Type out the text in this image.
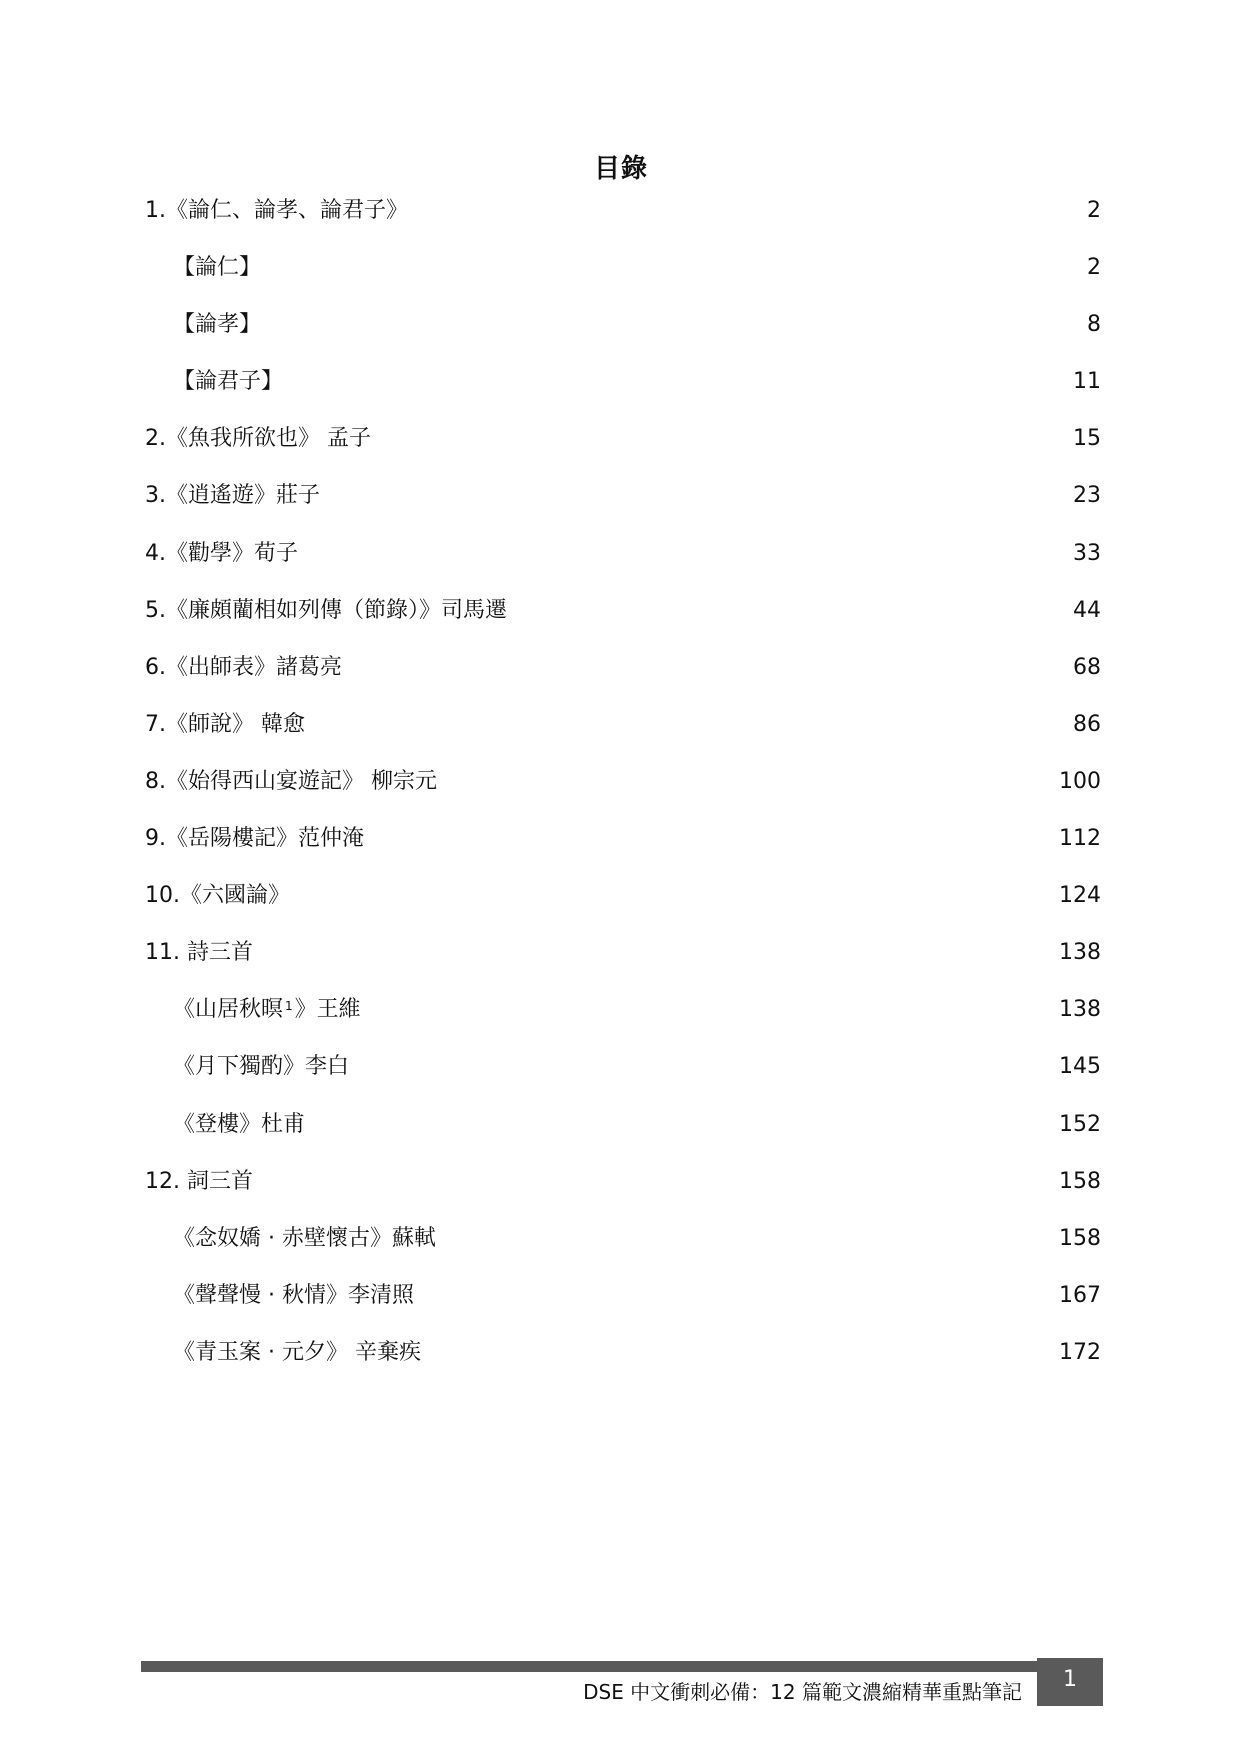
目錄
1.《論仁、論孝、論君子》	2
【論仁】	2
【論孝】	8
【論君子】	11
2.《魚我所欲也》 孟子	15
3.《逍遙遊》莊子	23
4.《勸學》荀子	33
5.《廉頗藺相如列傳（節錄）》司馬遷	44
6.《出師表》諸葛亮	68
7.《師說》 韓愈	86
8.《始得西山宴遊記》 柳宗元	100
9.《岳陽樓記》范仲淹	112
10.《六國論》	124
11. 詩三首	138
《山居秋暝 $^1$》王維	138
《月下獨酌》李白	145
《登樓》杜甫	152
12. 詞三首	158
《念奴嬌 · 赤壁懷古》蘇軾	158
《聲聲慢 · 秋情》李清照	167
《青玉案 · 元夕》 辛棄疾	172
DSE 中文衝刺必備：12 篇範文濃縮精華重點筆記	1
